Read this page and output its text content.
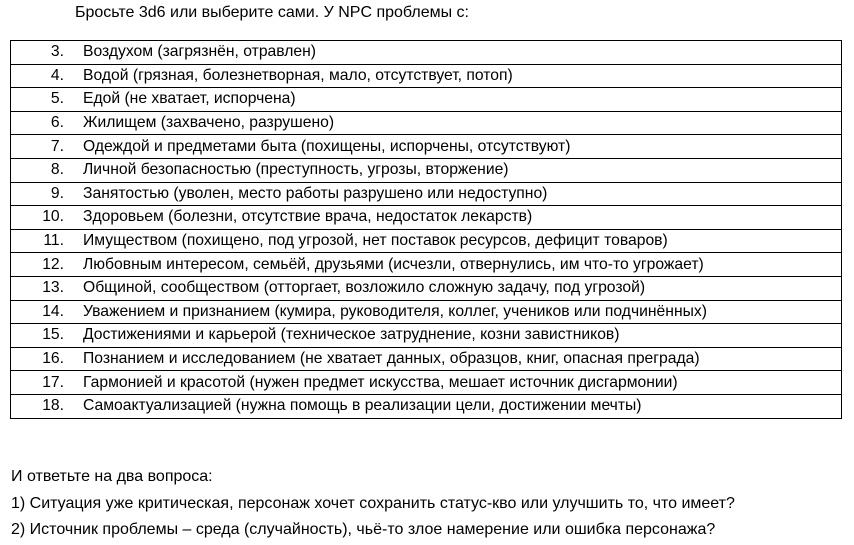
Бросьте 3d6 или выберите сами. У NPC проблемы с:
3. Воздухом (загрязнён, отравлен)

4. Водой (грязная, болезнетворная, мало, отсутствует, потоп)

5. Едой (не хватает, испорчена)

6. Жилищем (захвачено, разрушено)

7. Одеждой и предметами быта (похищены, испорчены, отсутствуют)

8. Личной безопасностью (преступность, угрозы, вторжение)

9. Занятостью (уволен, место работы разрушено или недоступно)

10. Здоровьем (болезни, отсутствие врача, недостаток лекарств)

11. Имуществом (похищено, под угрозой, нет поставок ресурсов, дефицит товаров)

12. Любовным интересом, семьёй, друзьями (исчезли, отвернулись, им что-то угрожает)

13. Общиной, сообществом (отторгает, возложило сложную задачу, под угрозой)

14. Уважением и признанием (кумира, руководителя, коллег, учеников или подчинённых)

15. Достижениями и карьерой (техническое затруднение, козни завистников)

16. Познанием и исследованием (не хватает данных, образцов, книг, опасная преграда)

17. Гармонией и красотой (нужен предмет искусства, мешает источник дисгармонии)

18. Самоактуализацией (нужна помощь в реализации цели, достижении мечты)
И ответьте на два вопроса:
1) Ситуация уже критическая, персонаж хочет сохранить статус-кво или улучшить то, что имеет?
2) Источник проблемы – среда (случайность), чьё-то злое намерение или ошибка персонажа?
